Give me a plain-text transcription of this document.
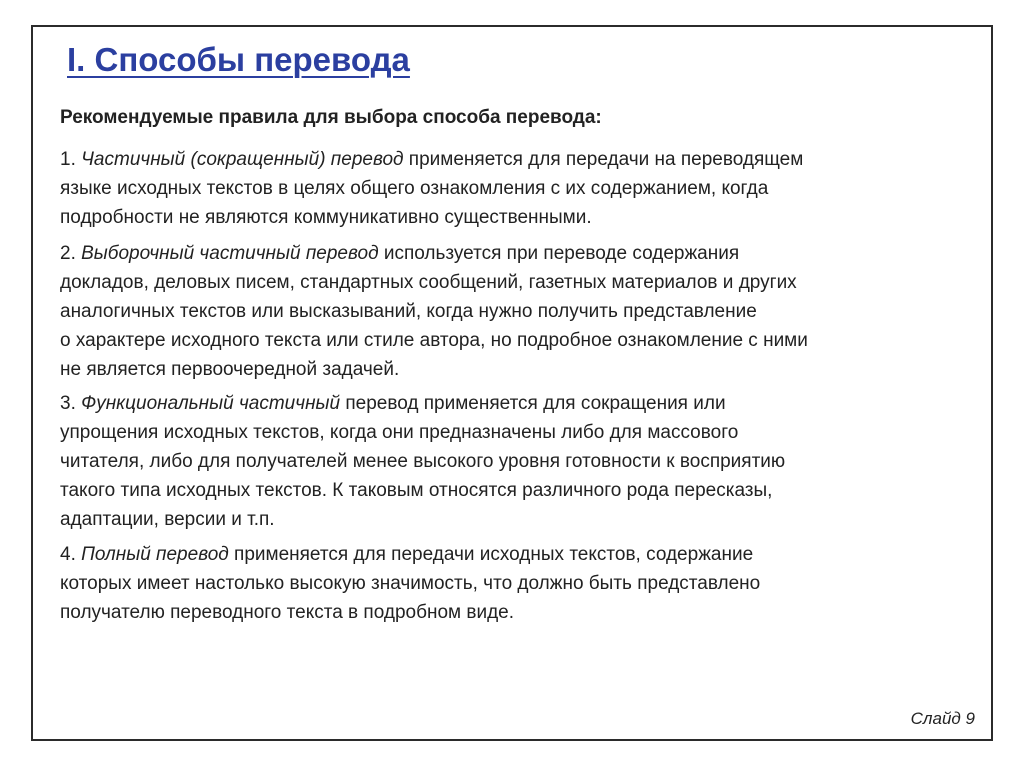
I. Способы перевода
Рекомендуемые правила для выбора способа перевода:
1. Частичный (сокращенный) перевод применяется для передачи на переводящем
языке исходных текстов в целях общего ознакомления с их содержанием, когда
подробности не являются коммуникативно существенными.
2. Выборочный частичный перевод используется при переводе содержания
докладов, деловых писем, стандартных сообщений, газетных материалов и других
аналогичных текстов или высказываний, когда нужно получить представление
о характере исходного текста или стиле автора, но подробное ознакомление с ними
не является первоочередной задачей.
3. Функциональный частичный перевод применяется для сокращения или
упрощения исходных текстов, когда они предназначены либо для массового
читателя, либо для получателей менее высокого уровня готовности к восприятию
такого типа исходных текстов. К таковым относятся различного рода пересказы,
адаптации, версии и т.п.
4. Полный перевод применяется для передачи исходных текстов, содержание
которых имеет настолько высокую значимость, что должно быть представлено
получателю переводного текста в подробном виде.
Слайд 9
